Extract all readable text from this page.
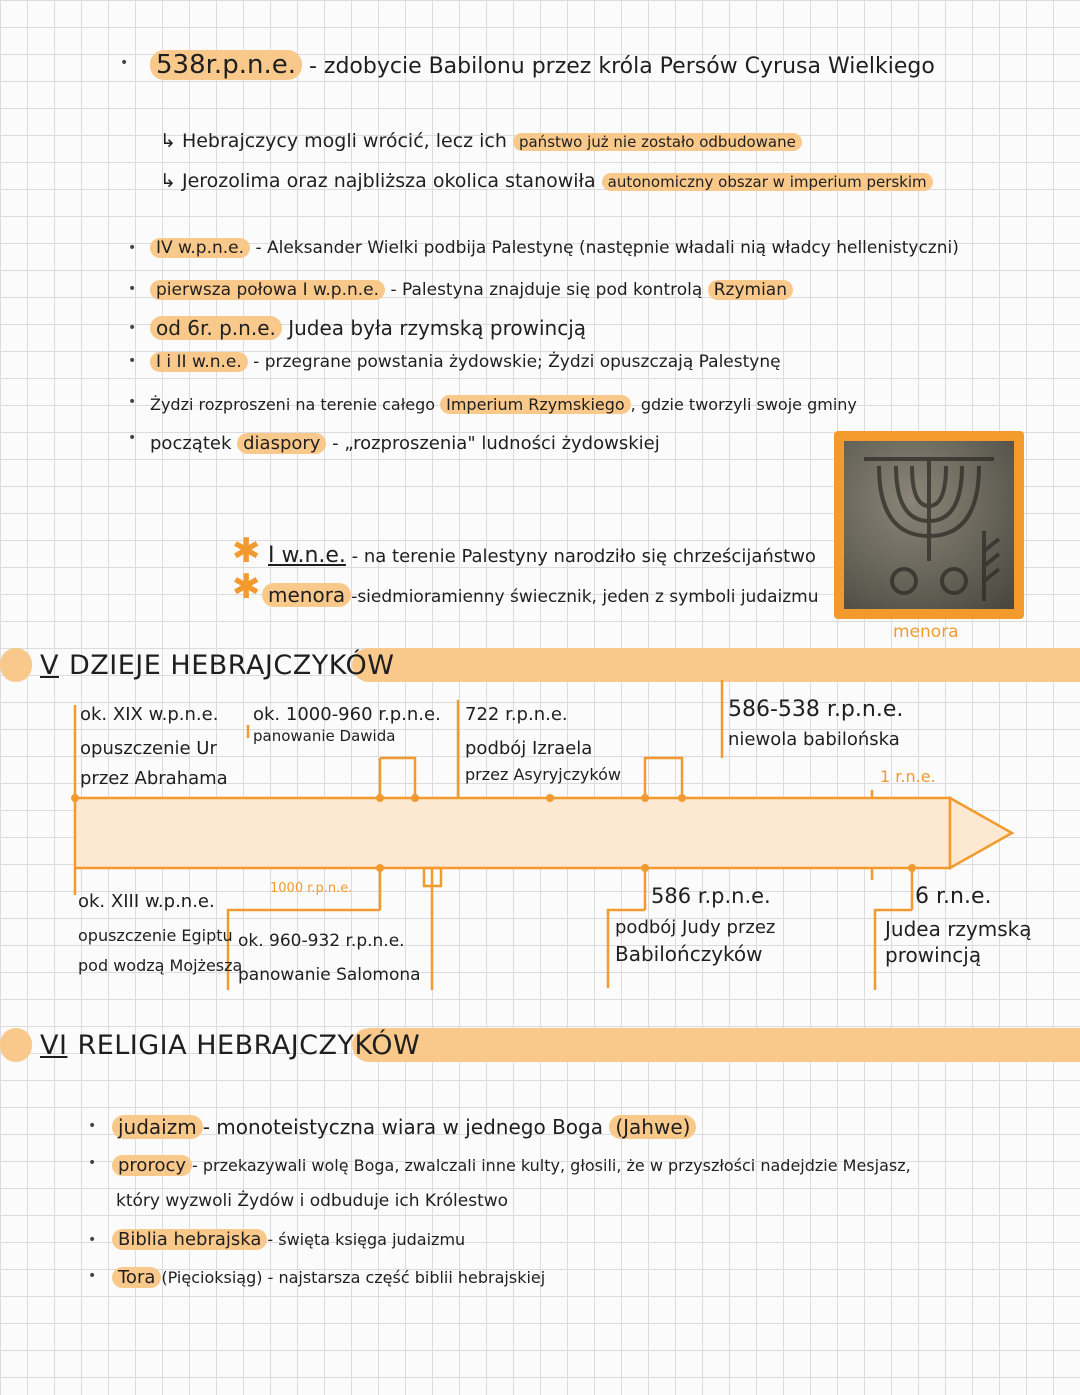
• 538r.p.n.e. - zdobycie Babilonu przez króla Persów Cyrusa Wielkiego
↳ Hebrajczycy mogli wrócić, lecz ich państwo już nie zostało odbudowane
↳ Jerozolima oraz najbliższa okolica stanowiła autonomiczny obszar w imperium perskim
•	IV w.p.n.e. - Aleksander Wielki podbija Palestynę (następnie władali nią władcy hellenistyczni)
•	pierwsza połowa I w.p.n.e. - Palestyna znajduje się pod kontrolą Rzymian
• od 6r. p.n.e. Judea była rzymską prowincją
•	I i II w.n.e. - przegrane powstania żydowskie; Żydzi opuszczają Palestynę
• Żydzi rozproszeni na terenie całego Imperium Rzymskiego , gdzie tworzyli swoje gminy
• początek diaspory - „rozproszenia" ludności żydowskiej
✱ I w.n.e. - na terenie Palestyny narodziło się chrześcijaństwo
✱ menora -siedmioramienny świecznik, jeden z symboli judaizmu
menora
V DZIEJE HEBRAJCZYKÓW
ok. XIX w.p.n.e.
opuszczenie Ur
przez Abrahama
ok. 1000-960 r.p.n.e.
panowanie Dawida
722 r.p.n.e.
podbój Izraela
przez Asyryjczyków
586-538 r.p.n.e.
niewola babilońska
1 r.n.e.
ok. XIII w.p.n.e.
opuszczenie Egiptu
pod wodzą Mojżesza
1000 r.p.n.e.
ok. 960-932 r.p.n.e.
panowanie Salomona
586 r.p.n.e.
podbój Judy przez
Babilończyków
6 r.n.e.
Judea rzymską
prowincją
VI RELIGIA HEBRAJCZYKÓW
•	judaizm - monoteistyczna wiara w jednego Boga (Jahwe)
•	prorocy - przekazywali wolę Boga, zwalczali inne kulty, głosili, że w przyszłości nadejdzie Mesjasz,
który wyzwoli Żydów i odbuduje ich Królestwo
•	Biblia hebrajska - święta księga judaizmu
•	Tora (Pięcioksiąg) - najstarsza część biblii hebrajskiej
